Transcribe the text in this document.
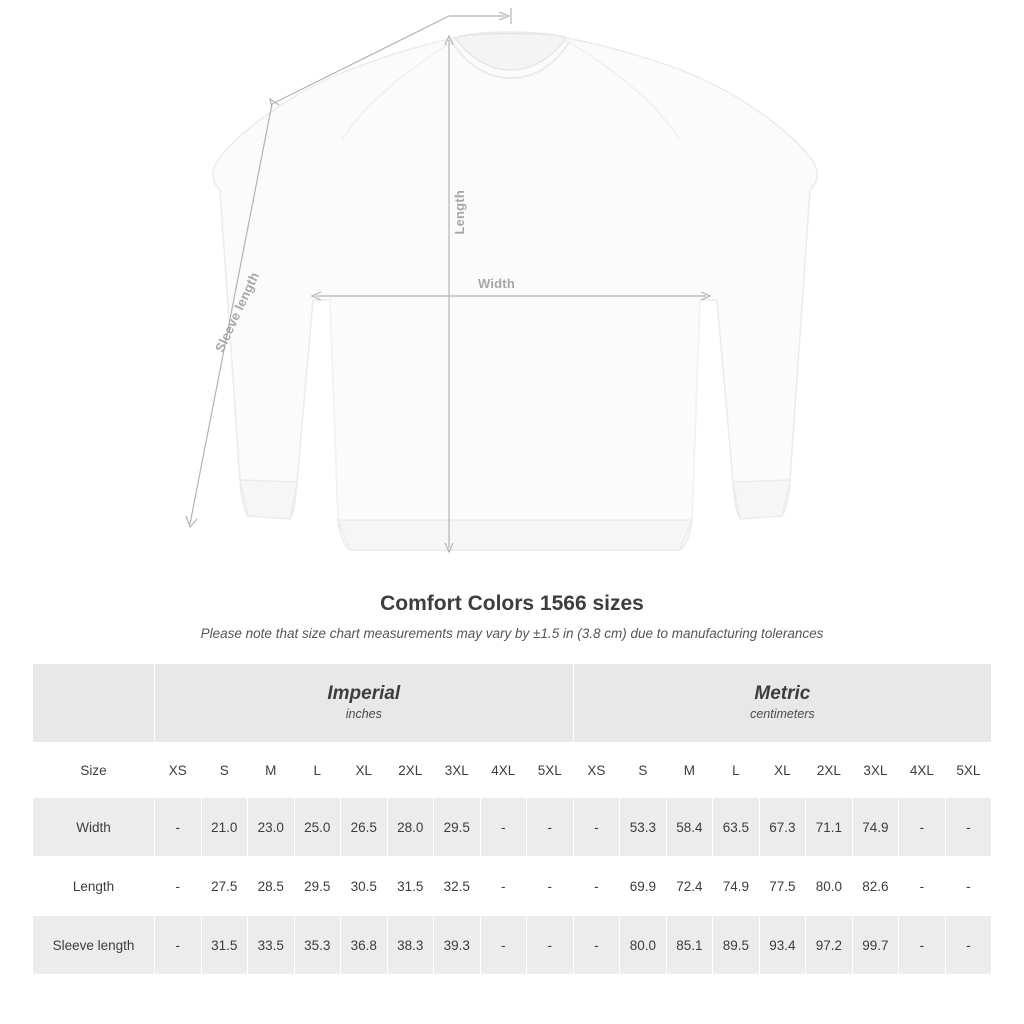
Length
Width
Sleeve length
Comfort Colors 1566 sizes

Please note that size chart measurements may vary by ±1.5 in (3.8 cm) due to manufacturing tolerances

Imperial
inches

Metric
centimeters

Size	XS	S	M	L	XL	2XL	3XL	4XL	5XL	XS	S	M	L	XL	2XL	3XL	4XL	5XL
Width	-	21.0	23.0	25.0	26.5	28.0	29.5	-	-	-	53.3	58.4	63.5	67.3	71.1	74.9	-	-
Length	-	27.5	28.5	29.5	30.5	31.5	32.5	-	-	-	69.9	72.4	74.9	77.5	80.0	82.6	-	-
Sleeve length	-	31.5	33.5	35.3	36.8	38.3	39.3	-	-	-	80.0	85.1	89.5	93.4	97.2	99.7	-	-
